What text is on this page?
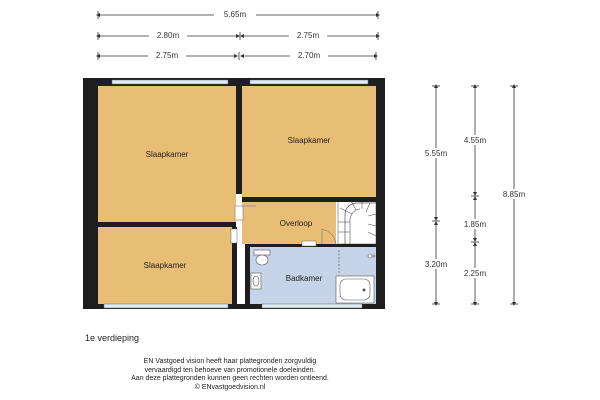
5.65m
2.80m	2.75m
2.75m	2.70m
5.55m
3.20m
4.55m
1.85m
2.25m
8.85m
Slaapkamer
Slaapkamer
Overloop
Slaapkamer
Badkamer
1e verdieping
EN Vastgoed vision heeft haar plattegronden zorgvuldig
vervaardigd ten behoeve van promotionele doeleinden.
Aan deze plattegronden kunnen geen rechten worden ontleend.
© ENvastgoedvision.nl
